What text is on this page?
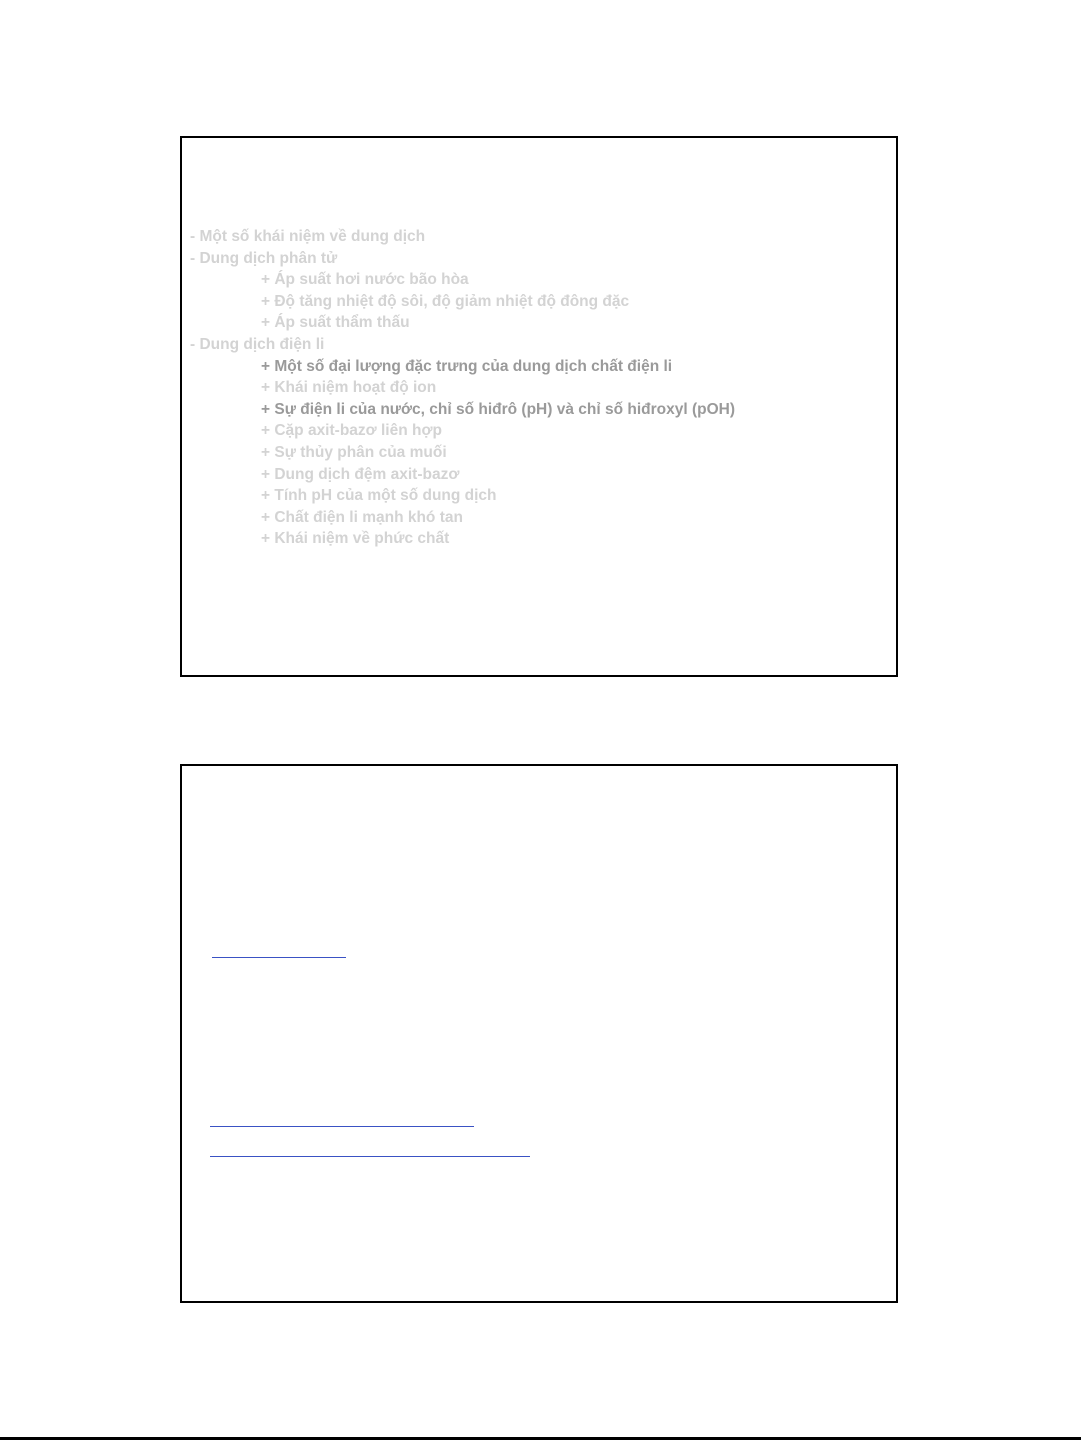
- Một số khái niệm về dung dịch
- Dung dịch phân tử
+ Áp suất hơi nước bão hòa
+ Độ tăng nhiệt độ sôi, độ giảm nhiệt độ đông đặc
+ Áp suất thẩm thấu
- Dung dịch điện li
+ Một số đại lượng đặc trưng của dung dịch chất điện li
+ Khái niệm hoạt độ ion
+ Sự điện li của nước, chỉ số hiđrô (pH) và chỉ số hiđroxyl (pOH)
+ Cặp axit-bazơ liên hợp
+ Sự thủy phân của muối
+ Dung dịch đệm axit-bazơ
+ Tính pH của một số dung dịch
+ Chất điện li mạnh khó tan
+ Khái niệm về phức chất
